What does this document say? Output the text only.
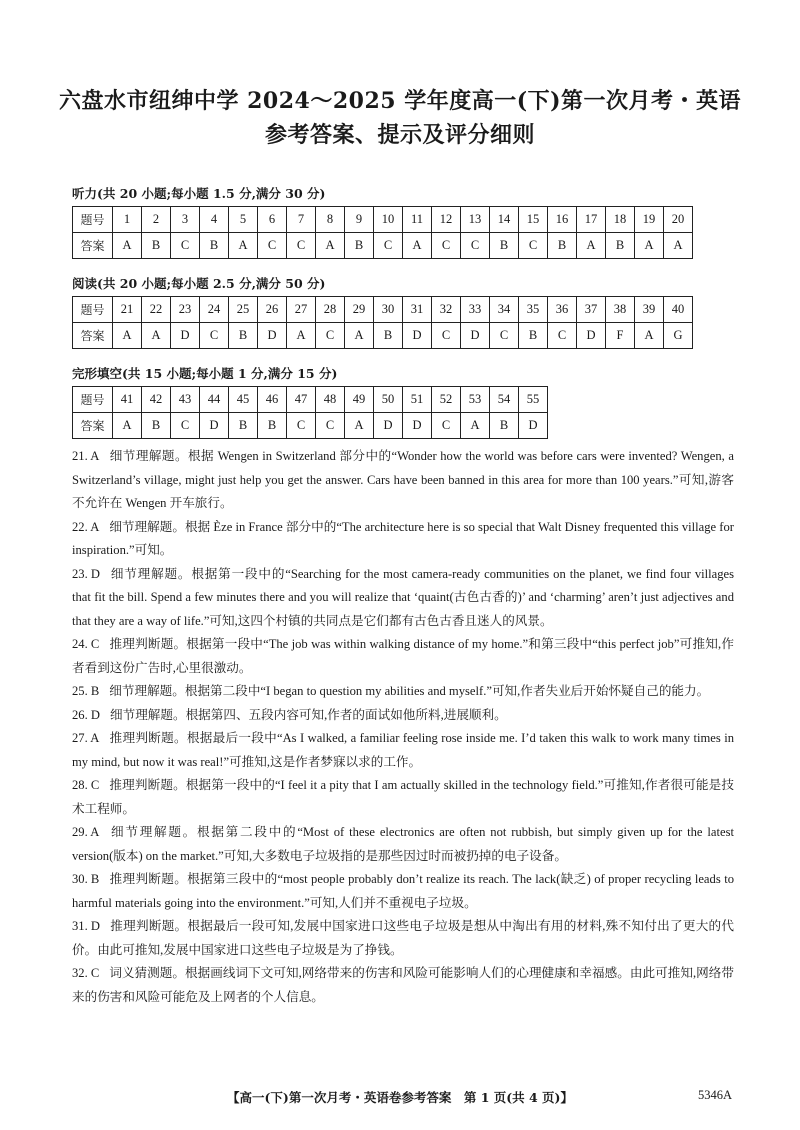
六盘水市纽绅中学 2024～2025 学年度高一(下)第一次月考・英语
参考答案、提示及评分细则
听力(共 20 小题;每小题 1.5 分,满分 30 分)
题号	1	2	3	4	5	6	7	8	9	10	11	12	13	14	15	16	17	18	19	20
答案	A	B	C	B	A	C	C	A	B	C	A	C	C	B	C	B	A	B	A	A
阅读(共 20 小题;每小题 2.5 分,满分 50 分)
题号	21	22	23	24	25	26	27	28	29	30	31	32	33	34	35	36	37	38	39	40
答案	A	A	D	C	B	D	A	C	A	B	D	C	D	C	B	C	D	F	A	G
完形填空(共 15 小题;每小题 1 分,满分 15 分)
题号	41	42	43	44	45	46	47	48	49	50	51	52	53	54	55
答案	A	B	C	D	B	B	C	C	A	D	D	C	A	B	D
21. A 细节理解题。根据 Wengen in Switzerland 部分中的“Wonder how the world was before cars were invented? Wengen, a Switzerland’s village, might just help you get the answer. Cars have been banned in this area for more than 100 years.”可知,游客不允许在 Wengen 开车旅行。
22. A 细节理解题。根据 Èze in France 部分中的“The architecture here is so special that Walt Disney frequented this village for inspiration.”可知。
23. D 细节理解题。根据第一段中的“Searching for the most camera-ready communities on the planet, we find four villages that fit the bill. Spend a few minutes there and you will realize that ‘quaint(古色古香的)’ and ‘charming’ aren’t just adjectives and that they are a way of life.”可知,这四个村镇的共同点是它们都有古色古香且迷人的风景。
24. C 推理判断题。根据第一段中“The job was within walking distance of my home.”和第三段中“this perfect job”可推知,作者看到这份广告时,心里很激动。
25. B 细节理解题。根据第二段中“I began to question my abilities and myself.”可知,作者失业后开始怀疑自己的能力。
26. D 细节理解题。根据第四、五段内容可知,作者的面试如他所料,进展顺利。
27. A 推理判断题。根据最后一段中“As I walked, a familiar feeling rose inside me. I’d taken this walk to work many times in my mind, but now it was real!”可推知,这是作者梦寐以求的工作。
28. C 推理判断题。根据第一段中的“I feel it a pity that I am actually skilled in the technology field.”可推知,作者很可能是技术工程师。
29. A 细节理解题。根据第二段中的“Most of these electronics are often not rubbish, but simply given up for the latest version(版本) on the market.”可知,大多数电子垃圾指的是那些因过时而被扔掉的电子设备。
30. B 推理判断题。根据第三段中的“most people probably don’t realize its reach. The lack(缺乏) of proper recycling leads to harmful materials going into the environment.”可知,人们并不重视电子垃圾。
31. D 推理判断题。根据最后一段可知,发展中国家进口这些电子垃圾是想从中淘出有用的材料,殊不知付出了更大的代价。由此可推知,发展中国家进口这些电子垃圾是为了挣钱。
32. C 词义猜测题。根据画线词下文可知,网络带来的伤害和风险可能影响人们的心理健康和幸福感。由此可推知,网络带来的伤害和风险可能危及上网者的个人信息。
【高一(下)第一次月考・英语卷参考答案　第 1 页(共 4 页)】	5346A
